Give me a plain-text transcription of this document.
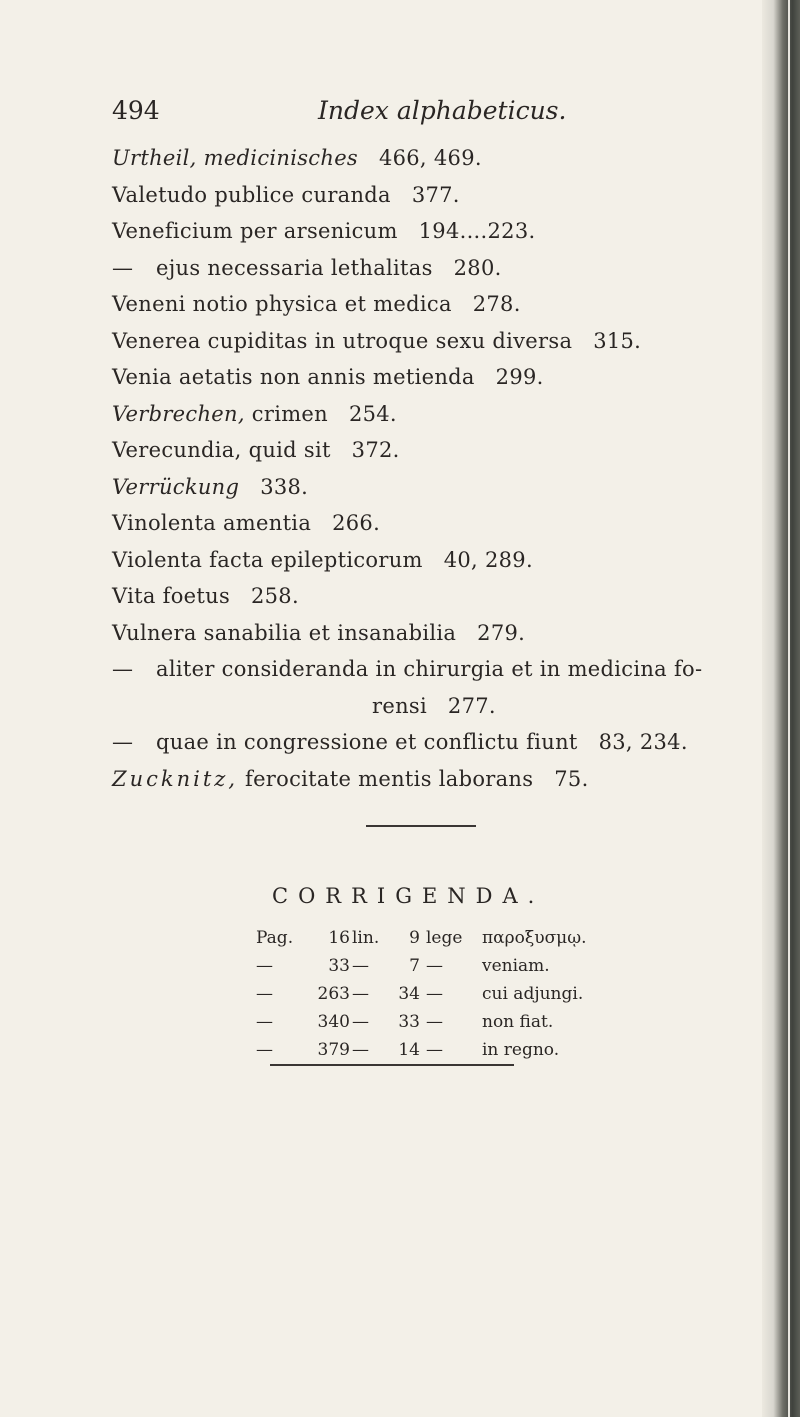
494	Index alphabeticus.
Urtheil, medicinisches 466, 469.
Valetudo publice curanda 377.
Veneficium per arsenicum 194....223.
— ejus necessaria lethalitas 280.
Veneni notio physica et medica 278.
Venerea cupiditas in utroque sexu diversa 315.
Venia aetatis non annis metienda 299.
Verbrechen, crimen 254.
Verecundia, quid sit 372.
Verrückung 338.
Vinolenta amentia 266.
Violenta facta epilepticorum 40, 289.
Vita foetus 258.
Vulnera sanabilia et insanabilia 279.
— aliter consideranda in chirurgia et in medicina fo-
rensi 277.
— quae in congressione et conflictu fiunt 83, 234.
Zucknitz, ferocitate mentis laborans 75.
CORRIGENDA.
Pag.	16 lin.	9 lege παροξυσμῳ.
—	33 —	7 — veniam.
—	263 — 34 — cui adjungi.
—	340 — 33 — non fiat.
—	379 — 14 — in regno.
